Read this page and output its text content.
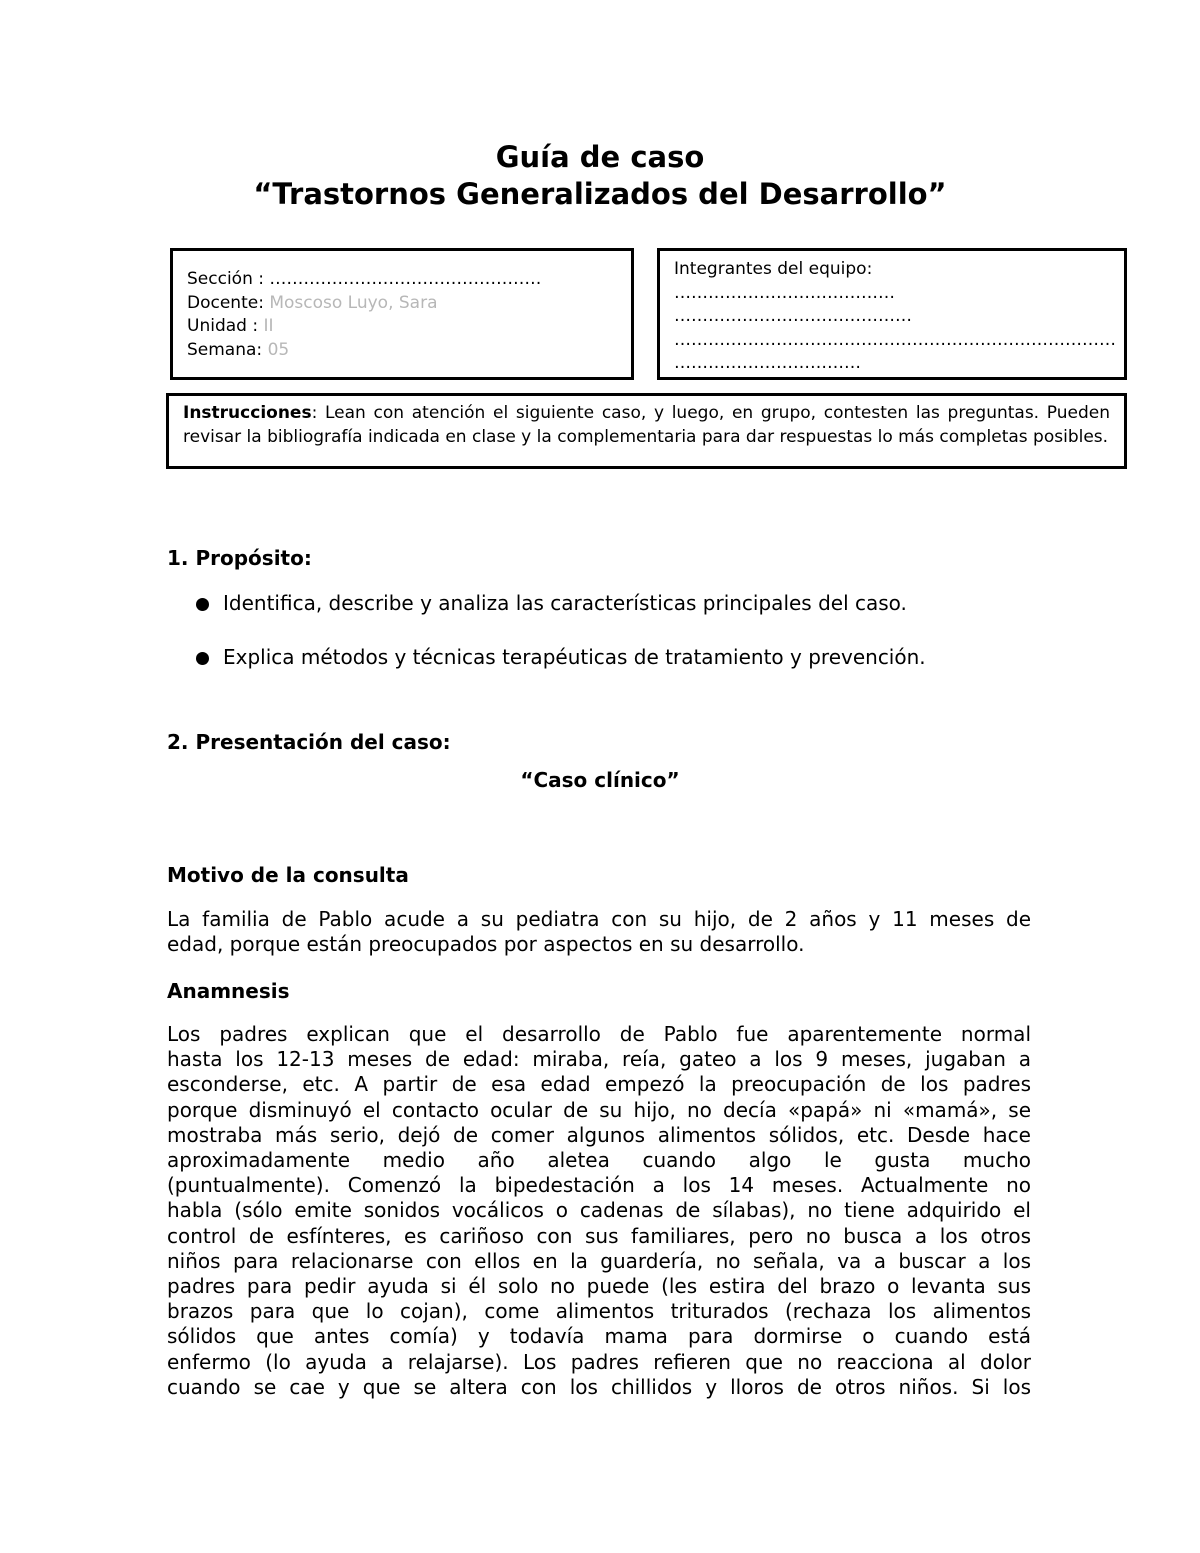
Guía de caso
“Trastornos Generalizados del Desarrollo”
Sección : …………………………………………
Docente: Moscoso Luyo, Sara
Unidad : II
Semana: 05
Integrantes del equipo:
…………………………………
……………………………………
……………………………………………………………………
……………………………
Instrucciones: Lean con atención el siguiente caso, y luego, en grupo, contesten las preguntas. Pueden revisar la bibliografía indicada en clase y la complementaria para dar respuestas lo más completas posibles.
1. Propósito:
Identifica, describe y analiza las características principales del caso.
Explica métodos y técnicas terapéuticas de tratamiento y prevención.
2. Presentación del caso:
“Caso clínico”
Motivo de la consulta
La familia de Pablo acude a su pediatra con su hijo, de 2 años y 11 meses de
edad, porque están preocupados por aspectos en su desarrollo.
Anamnesis
Los padres explican que el desarrollo de Pablo fue aparentemente normal
hasta los 12-13 meses de edad: miraba, reía, gateo a los 9 meses, jugaban a
esconderse, etc. A partir de esa edad empezó la preocupación de los padres
porque disminuyó el contacto ocular de su hijo, no decía «papá» ni «mamá», se
mostraba más serio, dejó de comer algunos alimentos sólidos, etc. Desde hace
aproximadamente medio año aletea cuando algo le gusta mucho
(puntualmente). Comenzó la bipedestación a los 14 meses. Actualmente no
habla (sólo emite sonidos vocálicos o cadenas de sílabas), no tiene adquirido el
control de esfínteres, es cariñoso con sus familiares, pero no busca a los otros
niños para relacionarse con ellos en la guardería, no señala, va a buscar a los
padres para pedir ayuda si él solo no puede (les estira del brazo o levanta sus
brazos para que lo cojan), come alimentos triturados (rechaza los alimentos
sólidos que antes comía) y todavía mama para dormirse o cuando está
enfermo (lo ayuda a relajarse). Los padres refieren que no reacciona al dolor
cuando se cae y que se altera con los chillidos y lloros de otros niños. Si los
